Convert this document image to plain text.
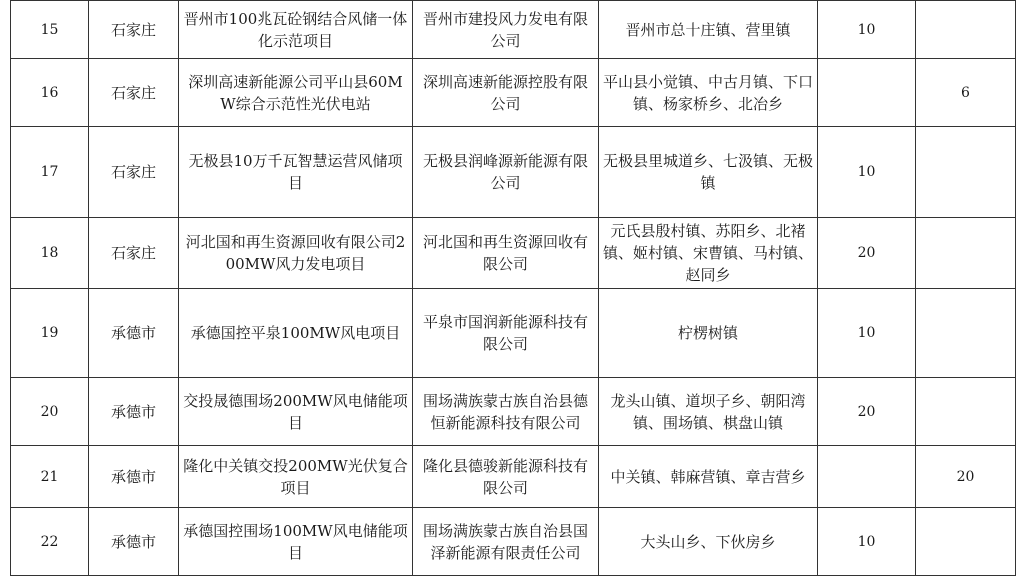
15	石家庄	晋州市100兆瓦砼钢结合风储一体化示范项目	晋州市建投风力发电有限公司	晋州市总十庄镇、营里镇	10	
16	石家庄	深圳高速新能源公司平山县60MW综合示范性光伏电站	深圳高速新能源控股有限公司	平山县小觉镇、中古月镇、下口镇、杨家桥乡、北冶乡		6
17	石家庄	无极县10万千瓦智慧运营风储项目	无极县润峰源新能源有限公司	无极县里城道乡、七汲镇、无极镇	10	
18	石家庄	河北国和再生资源回收有限公司200MW风力发电项目	河北国和再生资源回收有限公司	元氏县殷村镇、苏阳乡、北褚镇、姬村镇、宋曹镇、马村镇、赵同乡	20	
19	承德市	承德国控平泉100MW风电项目	平泉市国润新能源科技有限公司	柠楞树镇	10	
20	承德市	交投晟德围场200MW风电储能项目	围场满族蒙古族自治县德恒新能源科技有限公司	龙头山镇、道坝子乡、朝阳湾镇、围场镇、棋盘山镇	20	
21	承德市	隆化中关镇交投200MW光伏复合项目	隆化县德骏新能源科技有限公司	中关镇、韩麻营镇、章吉营乡		20
22	承德市	承德国控围场100MW风电储能项目	围场满族蒙古族自治县国泽新能源有限责任公司	大头山乡、下伙房乡	10	
